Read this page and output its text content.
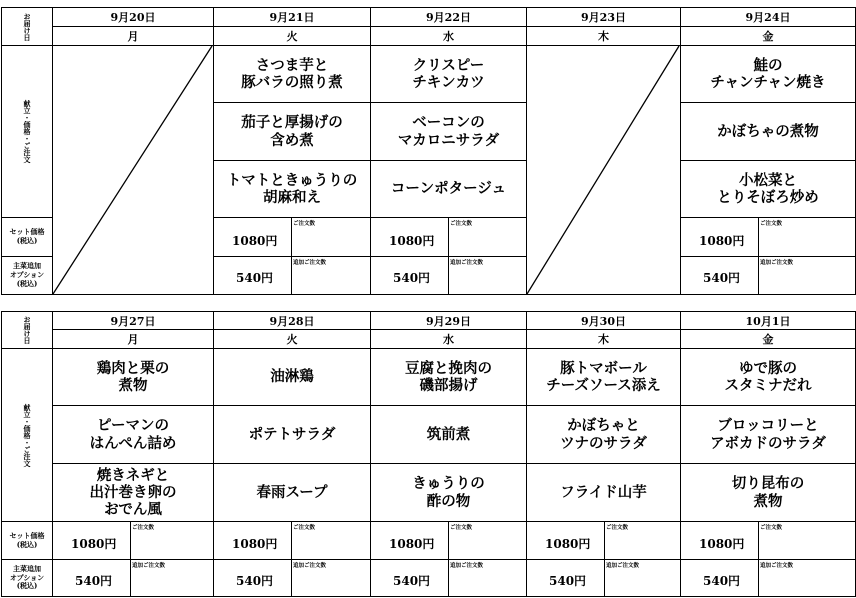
お届け日
献立・価格・ご注文
セット価格
(税込)
主菜追加
オプション
(税込)
9月20日
月
9月21日
火
さつま芋と
豚バラの照り煮
茄子と厚揚げの
含め煮
トマトときゅうりの
胡麻和え
1080円
ご注文数
540円
追加ご注文数
9月22日
水
クリスピー
チキンカツ
ベーコンの
マカロニサラダ
コーンポタージュ
1080円
ご注文数
540円
追加ご注文数
9月23日
木
9月24日
金
鮭の
チャンチャン焼き
かぼちゃの煮物
小松菜と
とりそぼろ炒め
1080円
ご注文数
540円
追加ご注文数
お届け日
献立・価格・ご注文
セット価格
(税込)
主菜追加
オプション
(税込)
9月27日
月
鶏肉と栗の
煮物
ピーマンの
はんぺん詰め
焼きネギと
出汁巻き卵の
おでん風
1080円
ご注文数
540円
追加ご注文数
9月28日
火
油淋鶏
ポテトサラダ
春雨スープ
1080円
ご注文数
540円
追加ご注文数
9月29日
水
豆腐と挽肉の
磯部揚げ
筑前煮
きゅうりの
酢の物
1080円
ご注文数
540円
追加ご注文数
9月30日
木
豚トマボール
チーズソース添え
かぼちゃと
ツナのサラダ
フライド山芋
1080円
ご注文数
540円
追加ご注文数
10月1日
金
ゆで豚の
スタミナだれ
ブロッコリーと
アボカドのサラダ
切り昆布の
煮物
1080円
ご注文数
540円
追加ご注文数
